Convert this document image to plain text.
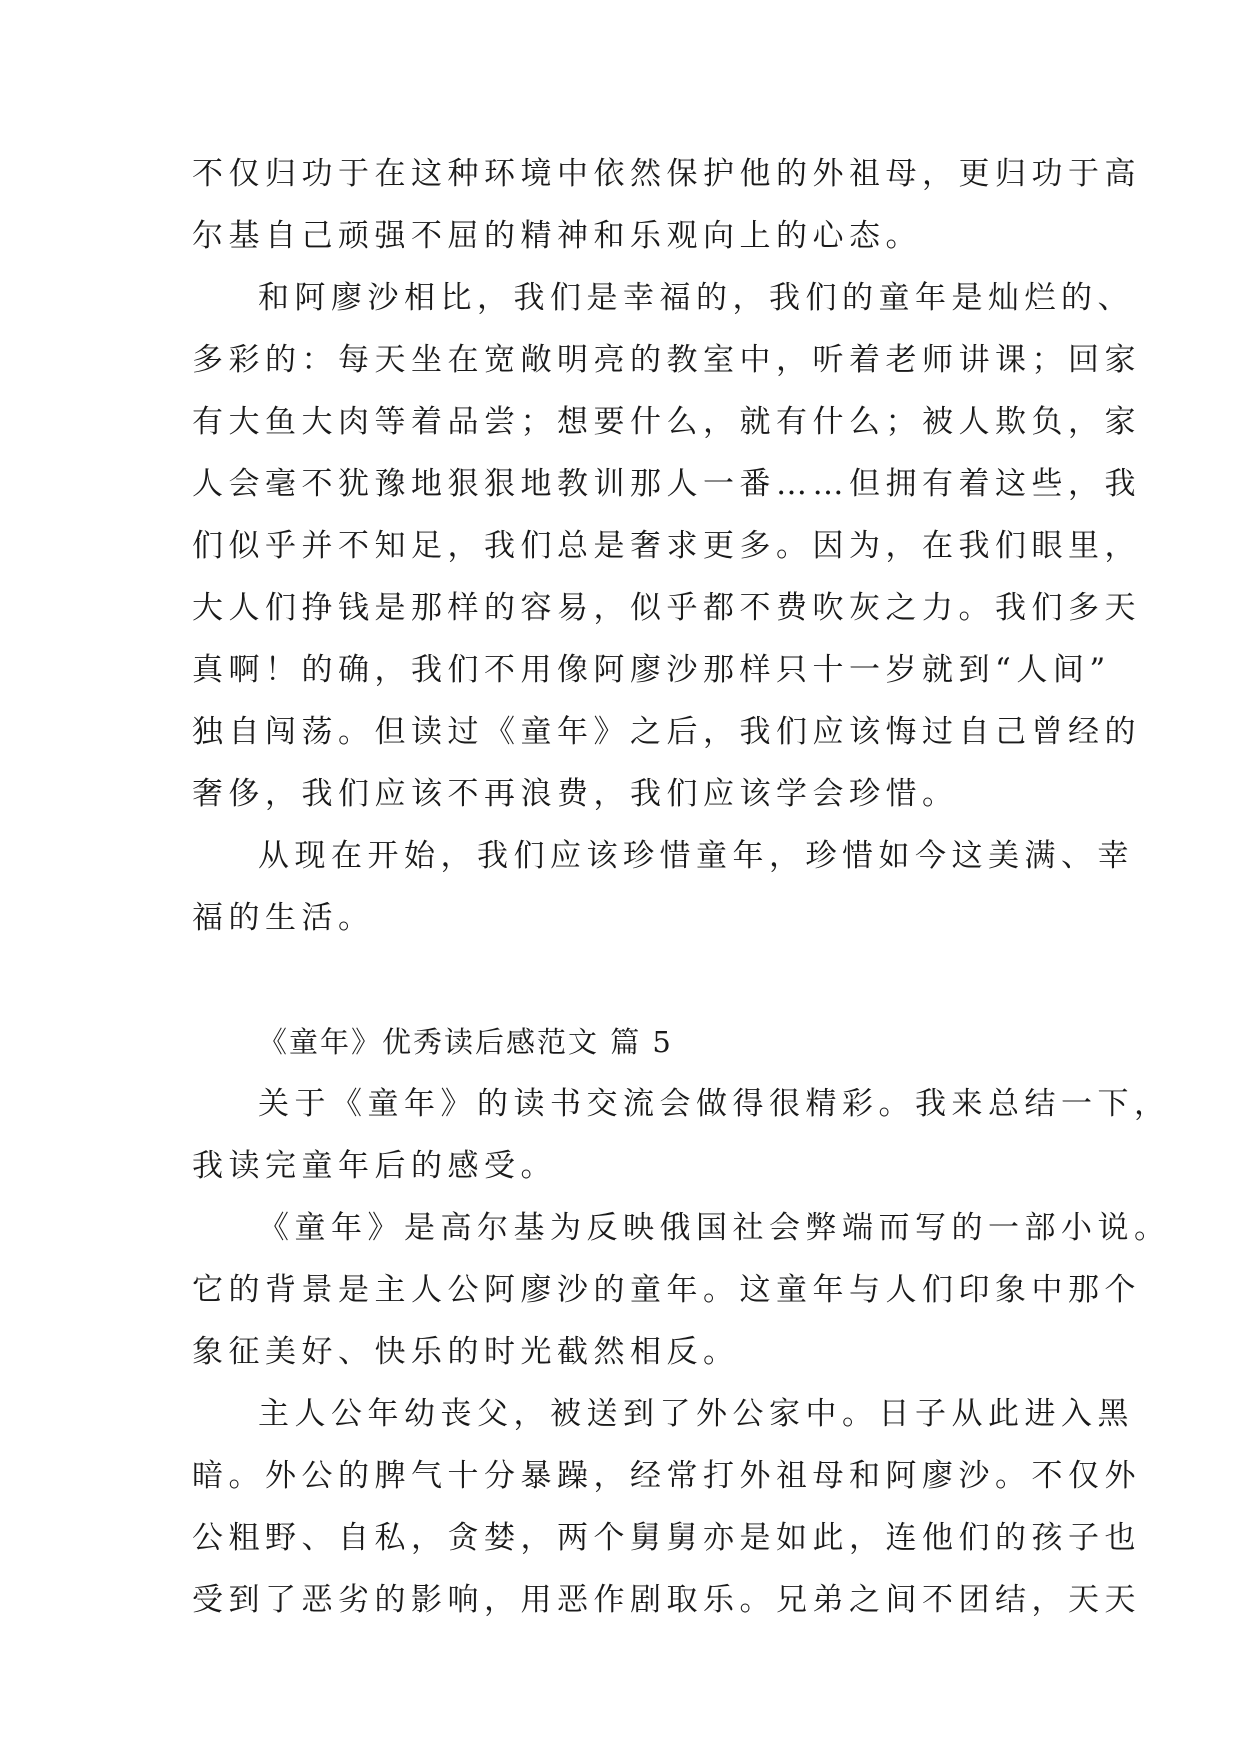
不仅归功于在这种环境中依然保护他的外祖母，更归功于高
尔基自己顽强不屈的精神和乐观向上的心态。
和阿廖沙相比，我们是幸福的，我们的童年是灿烂的、
多彩的：每天坐在宽敞明亮的教室中，听着老师讲课；回家
有大鱼大肉等着品尝；想要什么，就有什么；被人欺负，家
人会毫不犹豫地狠狠地教训那人一番……但拥有着这些，我
们似乎并不知足，我们总是奢求更多。因为，在我们眼里，
大人们挣钱是那样的容易，似乎都不费吹灰之力。我们多天
真啊！的确，我们不用像阿廖沙那样只十一岁就到“人间”
独自闯荡。但读过《童年》之后，我们应该悔过自己曾经的
奢侈，我们应该不再浪费，我们应该学会珍惜。
从现在开始，我们应该珍惜童年，珍惜如今这美满、幸
福的生活。
《童年》优秀读后感范文 篇 5
关于《童年》的读书交流会做得很精彩。我来总结一下，
我读完童年后的感受。
《童年》是高尔基为反映俄国社会弊端而写的一部小说。
它的背景是主人公阿廖沙的童年。这童年与人们印象中那个
象征美好、快乐的时光截然相反。
主人公年幼丧父，被送到了外公家中。日子从此进入黑
暗。外公的脾气十分暴躁，经常打外祖母和阿廖沙。不仅外
公粗野、自私，贪婪，两个舅舅亦是如此，连他们的孩子也
受到了恶劣的影响，用恶作剧取乐。兄弟之间不团结，天天
